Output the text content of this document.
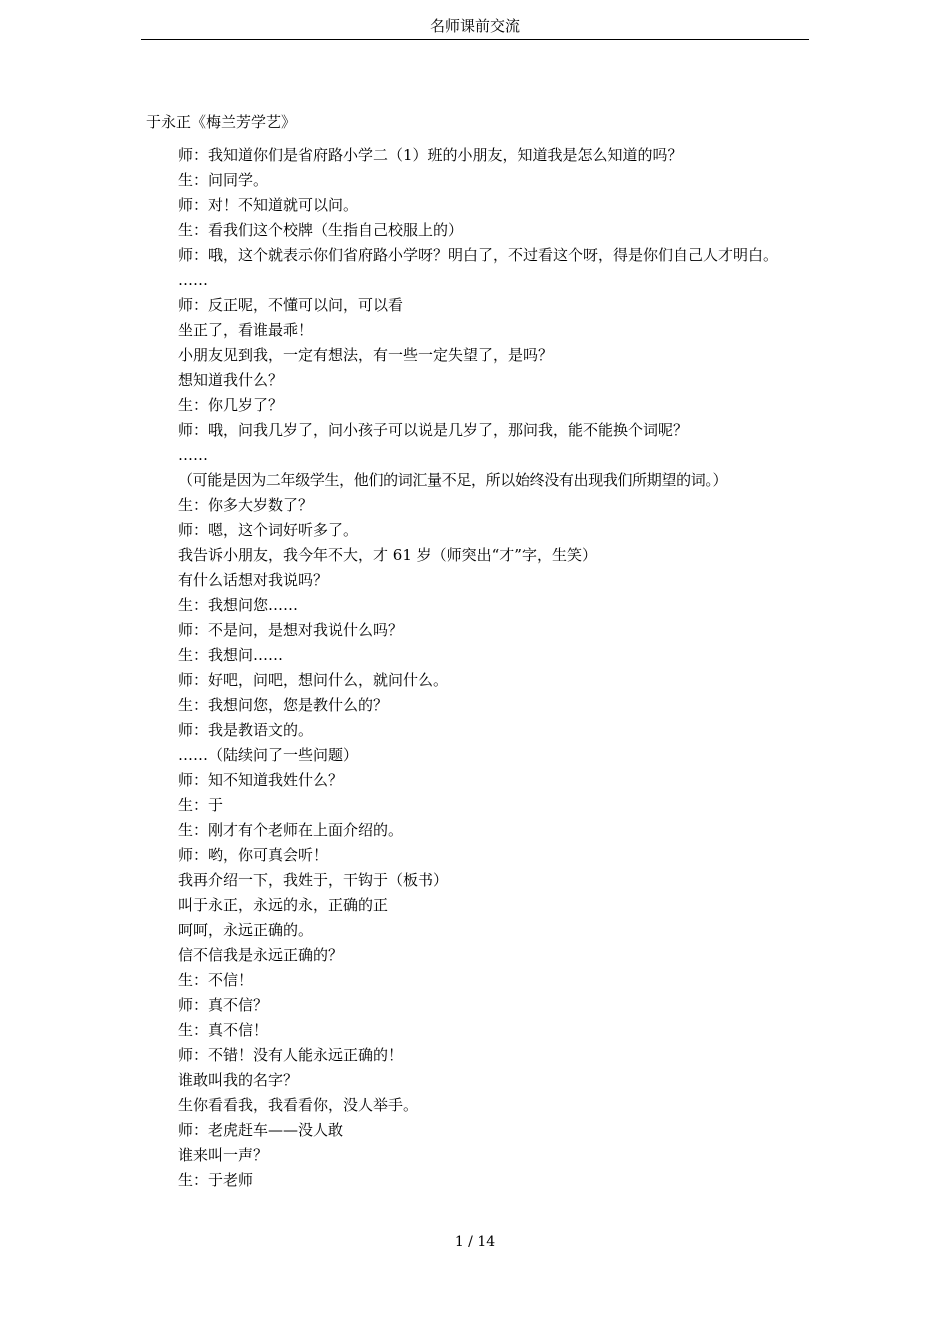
名师课前交流
于永正《梅兰芳学艺》

师：我知道你们是省府路小学二（1）班的小朋友，知道我是怎么知道的吗？

生：问同学。

师：对！不知道就可以问。

生：看我们这个校牌（生指自己校服上的）

师：哦，这个就表示你们省府路小学呀？明白了，不过看这个呀，得是你们自己人才明白。

……

师：反正呢，不懂可以问，可以看

坐正了，看谁最乖！

小朋友见到我，一定有想法，有一些一定失望了，是吗？

想知道我什么？

生：你几岁了？

师：哦，问我几岁了，问小孩子可以说是几岁了，那问我，能不能换个词呢？

……

（可能是因为二年级学生，他们的词汇量不足，所以始终没有出现我们所期望的词。）

生：你多大岁数了？

师：嗯，这个词好听多了。

我告诉小朋友，我今年不大，才 61 岁（师突出“才”字，生笑）

有什么话想对我说吗？

生：我想问您……

师：不是问，是想对我说什么吗？

生：我想问……

师：好吧，问吧，想问什么，就问什么。

生：我想问您，您是教什么的？

师：我是教语文的。

……（陆续问了一些问题）

师：知不知道我姓什么？

生：于

生：刚才有个老师在上面介绍的。

师：哟，你可真会听！

我再介绍一下，我姓于，干钩于（板书）

叫于永正，永远的永，正确的正

呵呵，永远正确的。

信不信我是永远正确的？

生：不信！

师：真不信？

生：真不信！

师：不错！没有人能永远正确的！

谁敢叫我的名字？

生你看看我，我看看你，没人举手。

师：老虎赶车——没人敢

谁来叫一声？

生：于老师

1 / 14
